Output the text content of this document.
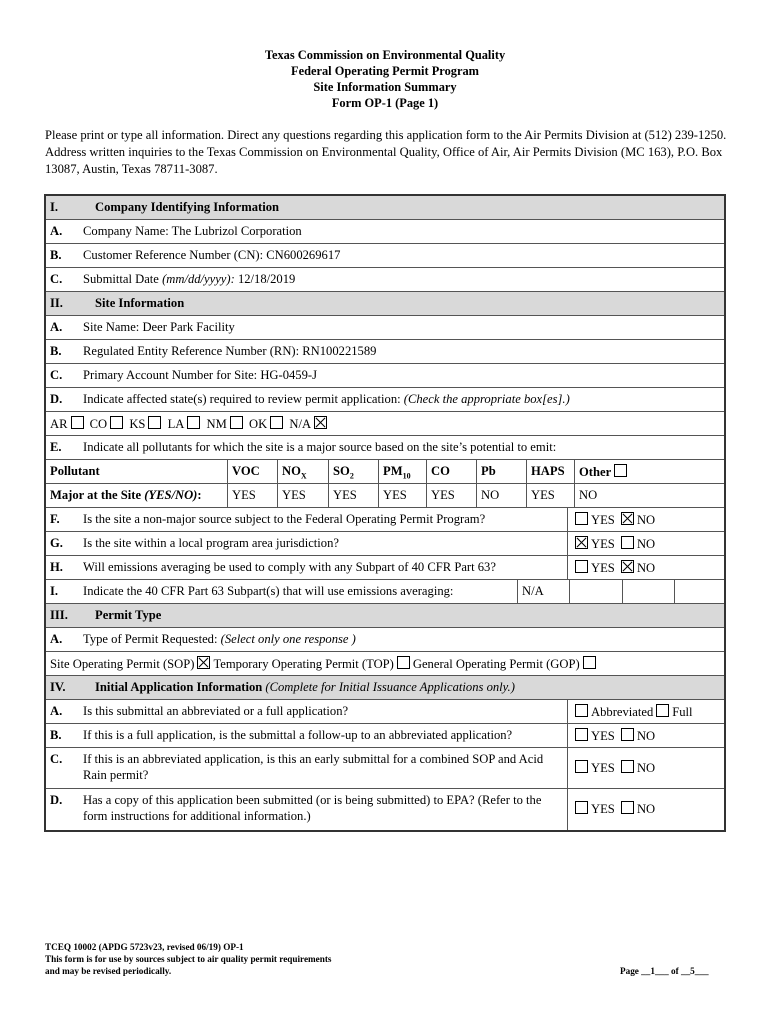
Texas Commission on Environmental Quality
Federal Operating Permit Program
Site Information Summary
Form OP-1 (Page 1)
Please print or type all information. Direct any questions regarding this application form to the Air Permits Division at (512) 239-1250. Address written inquiries to the Texas Commission on Environmental Quality, Office of Air, Air Permits Division (MC 163), P.O. Box 13087, Austin, Texas 78711-3087.
I.	Company Identifying Information
A. Company Name: The Lubrizol Corporation
B. Customer Reference Number (CN): CN600269617
C. Submittal Date (mm/dd/yyyy): 12/18/2019
II.	Site Information
A. Site Name: Deer Park Facility
B. Regulated Entity Reference Number (RN): RN100221589
C. Primary Account Number for Site: HG-0459-J
D. Indicate affected state(s) required to review permit application: (Check the appropriate box[es].)
AR CO KS LA NM OK N/A
E. Indicate all pollutants for which the site is a major source based on the site’s potential to emit:
Pollutant	VOC	$NO_X$	$SO_2$	$PM_{10}$	CO	Pb	HAPS	Other
Major at the Site (YES/NO):	YES	YES	YES	YES	YES	NO	YES	NO
F. Is the site a non-major source subject to the Federal Operating Permit Program?	YES NO
G. Is the site within a local program area jurisdiction?	YES NO
H. Will emissions averaging be used to comply with any Subpart of 40 CFR Part 63?	YES NO
I. Indicate the 40 CFR Part 63 Subpart(s) that will use emissions averaging:	N/A
III. Permit Type
A. Type of Permit Requested: (Select only one response )
Site Operating Permit (SOP) Temporary Operating Permit (TOP) General Operating Permit (GOP)
IV. Initial Application Information (Complete for Initial Issuance Applications only.)
A. Is this submittal an abbreviated or a full application?	Abbreviated Full
B. If this is a full application, is the submittal a follow-up to an abbreviated application?	YES NO
C. If this is an abbreviated application, is this an early submittal for a combined SOP and Acid Rain permit?	YES NO
D. Has a copy of this application been submitted (or is being submitted) to EPA? (Refer to the form instructions for additional information.)	YES NO
TCEQ 10002 (APDG 5723v23, revised 06/19) OP-1
This form is for use by sources subject to air quality permit requirements
and may be revised periodically.	Page __1___ of __5___
